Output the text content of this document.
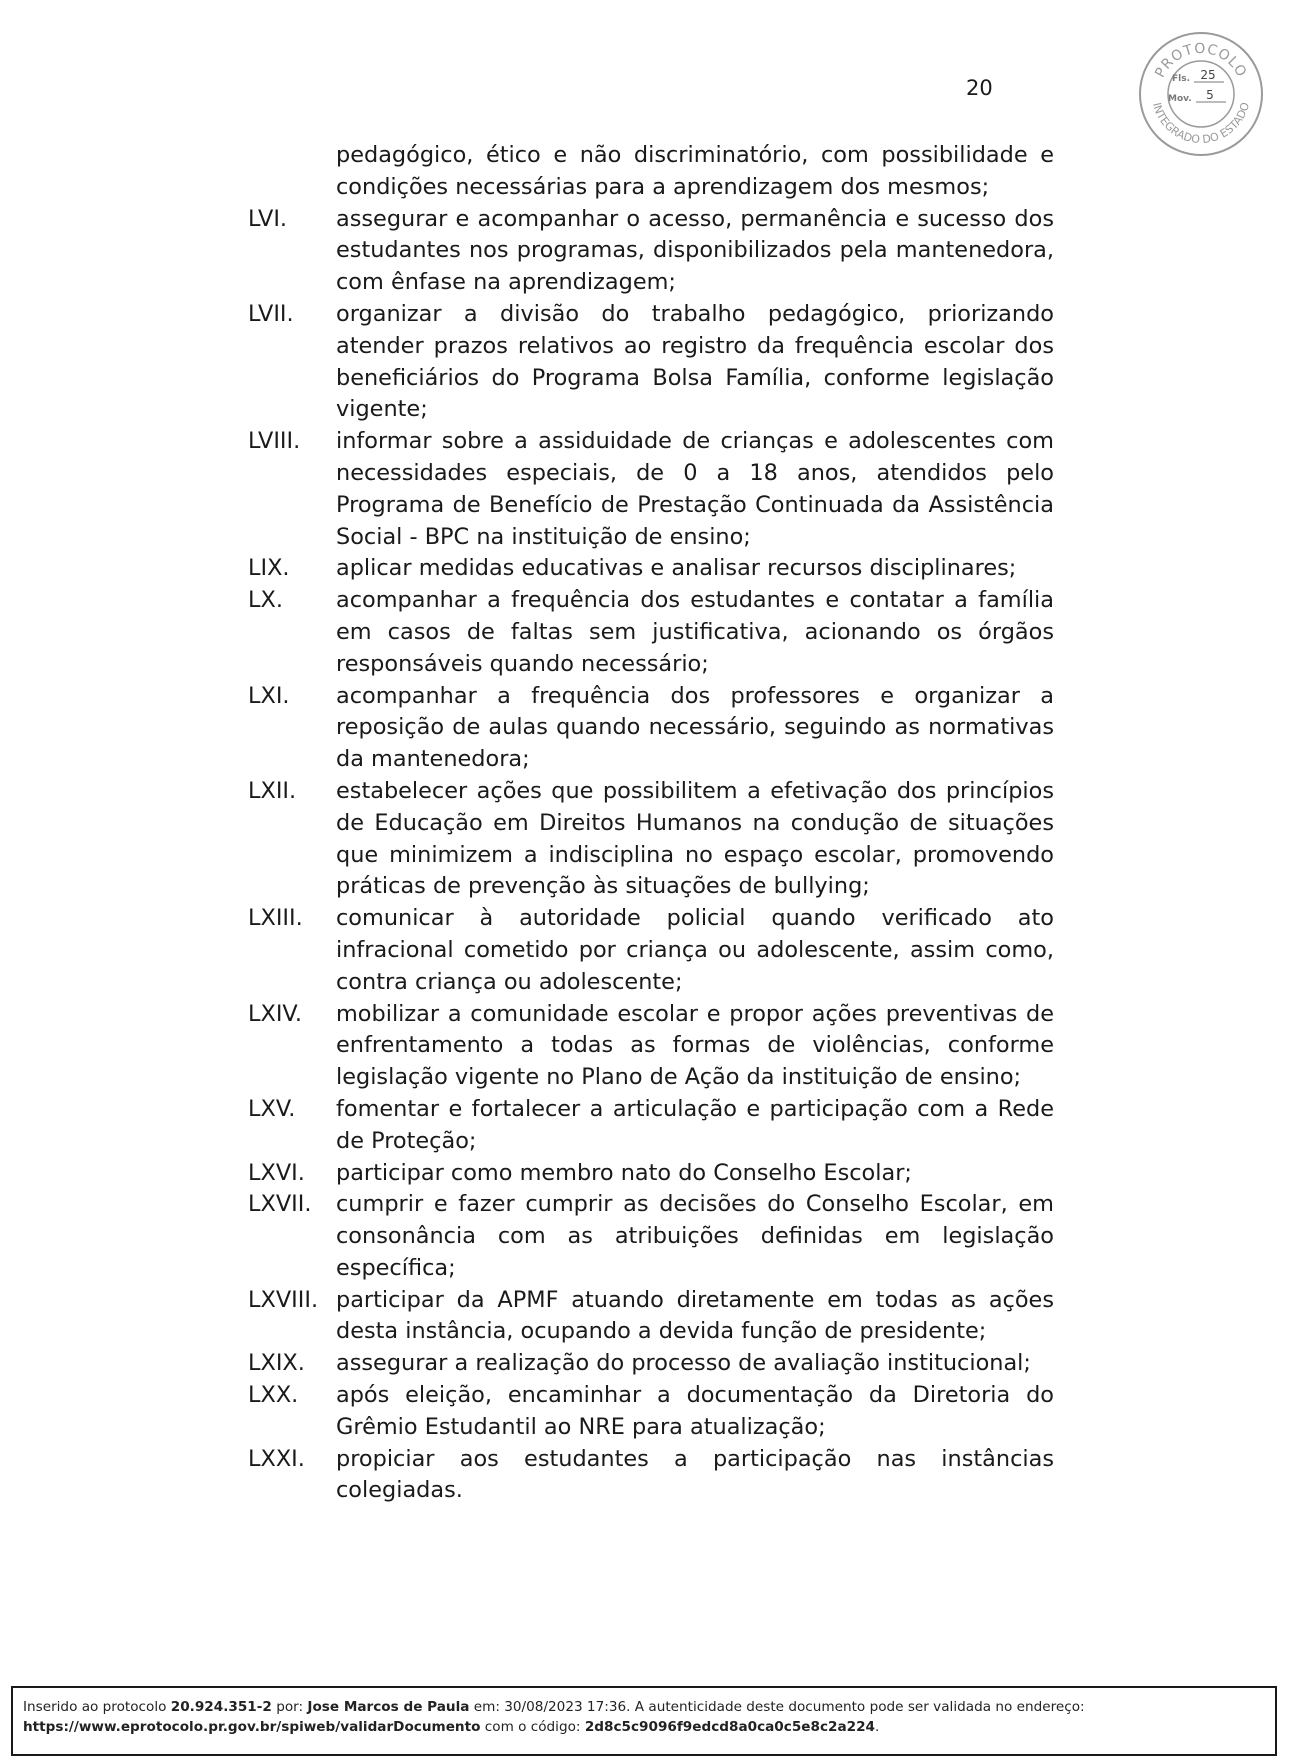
20
PROTOCOLO
INTEGRADO DO ESTADO
Fls. 25
Mov. 5
pedagógico, ético e não discriminatório, com possibilidade e condições necessárias para a aprendizagem dos mesmos;
LVI.	assegurar e acompanhar o acesso, permanência e sucesso dos estudantes nos programas, disponibilizados pela mantenedora, com ênfase na aprendizagem;
LVII.	organizar a divisão do trabalho pedagógico, priorizando atender prazos relativos ao registro da frequência escolar dos beneficiários do Programa Bolsa Família, conforme legislação vigente;
LVIII.	informar sobre a assiduidade de crianças e adolescentes com necessidades especiais, de 0 a 18 anos, atendidos pelo Programa de Benefício de Prestação Continuada da Assistência Social - BPC na instituição de ensino;
LIX.	aplicar medidas educativas e analisar recursos disciplinares;
LX.	acompanhar a frequência dos estudantes e contatar a família em casos de faltas sem justificativa, acionando os órgãos responsáveis quando necessário;
LXI.	acompanhar a frequência dos professores e organizar a reposição de aulas quando necessário, seguindo as normativas da mantenedora;
LXII.	estabelecer ações que possibilitem a efetivação dos princípios de Educação em Direitos Humanos na condução de situações que minimizem a indisciplina no espaço escolar, promovendo práticas de prevenção às situações de bullying;
LXIII.	comunicar à autoridade policial quando verificado ato infracional cometido por criança ou adolescente, assim como, contra criança ou adolescente;
LXIV.	mobilizar a comunidade escolar e propor ações preventivas de enfrentamento a todas as formas de violências, conforme legislação vigente no Plano de Ação da instituição de ensino;
LXV.	fomentar e fortalecer a articulação e participação com a Rede de Proteção;
LXVI.	participar como membro nato do Conselho Escolar;
LXVII.	cumprir e fazer cumprir as decisões do Conselho Escolar, em consonância com as atribuições definidas em legislação específica;
LXVIII. participar da APMF atuando diretamente em todas as ações desta instância, ocupando a devida função de presidente;
LXIX.	assegurar a realização do processo de avaliação institucional;
LXX.	após eleição, encaminhar a documentação da Diretoria do Grêmio Estudantil ao NRE para atualização;
LXXI.	propiciar aos estudantes a participação nas instâncias colegiadas.
Inserido ao protocolo 20.924.351-2 por: Jose Marcos de Paula em: 30/08/2023 17:36. A autenticidade deste documento pode ser validada no endereço:
https://www.eprotocolo.pr.gov.br/spiweb/validarDocumento com o código: 2d8c5c9096f9edcd8a0ca0c5e8c2a224.
